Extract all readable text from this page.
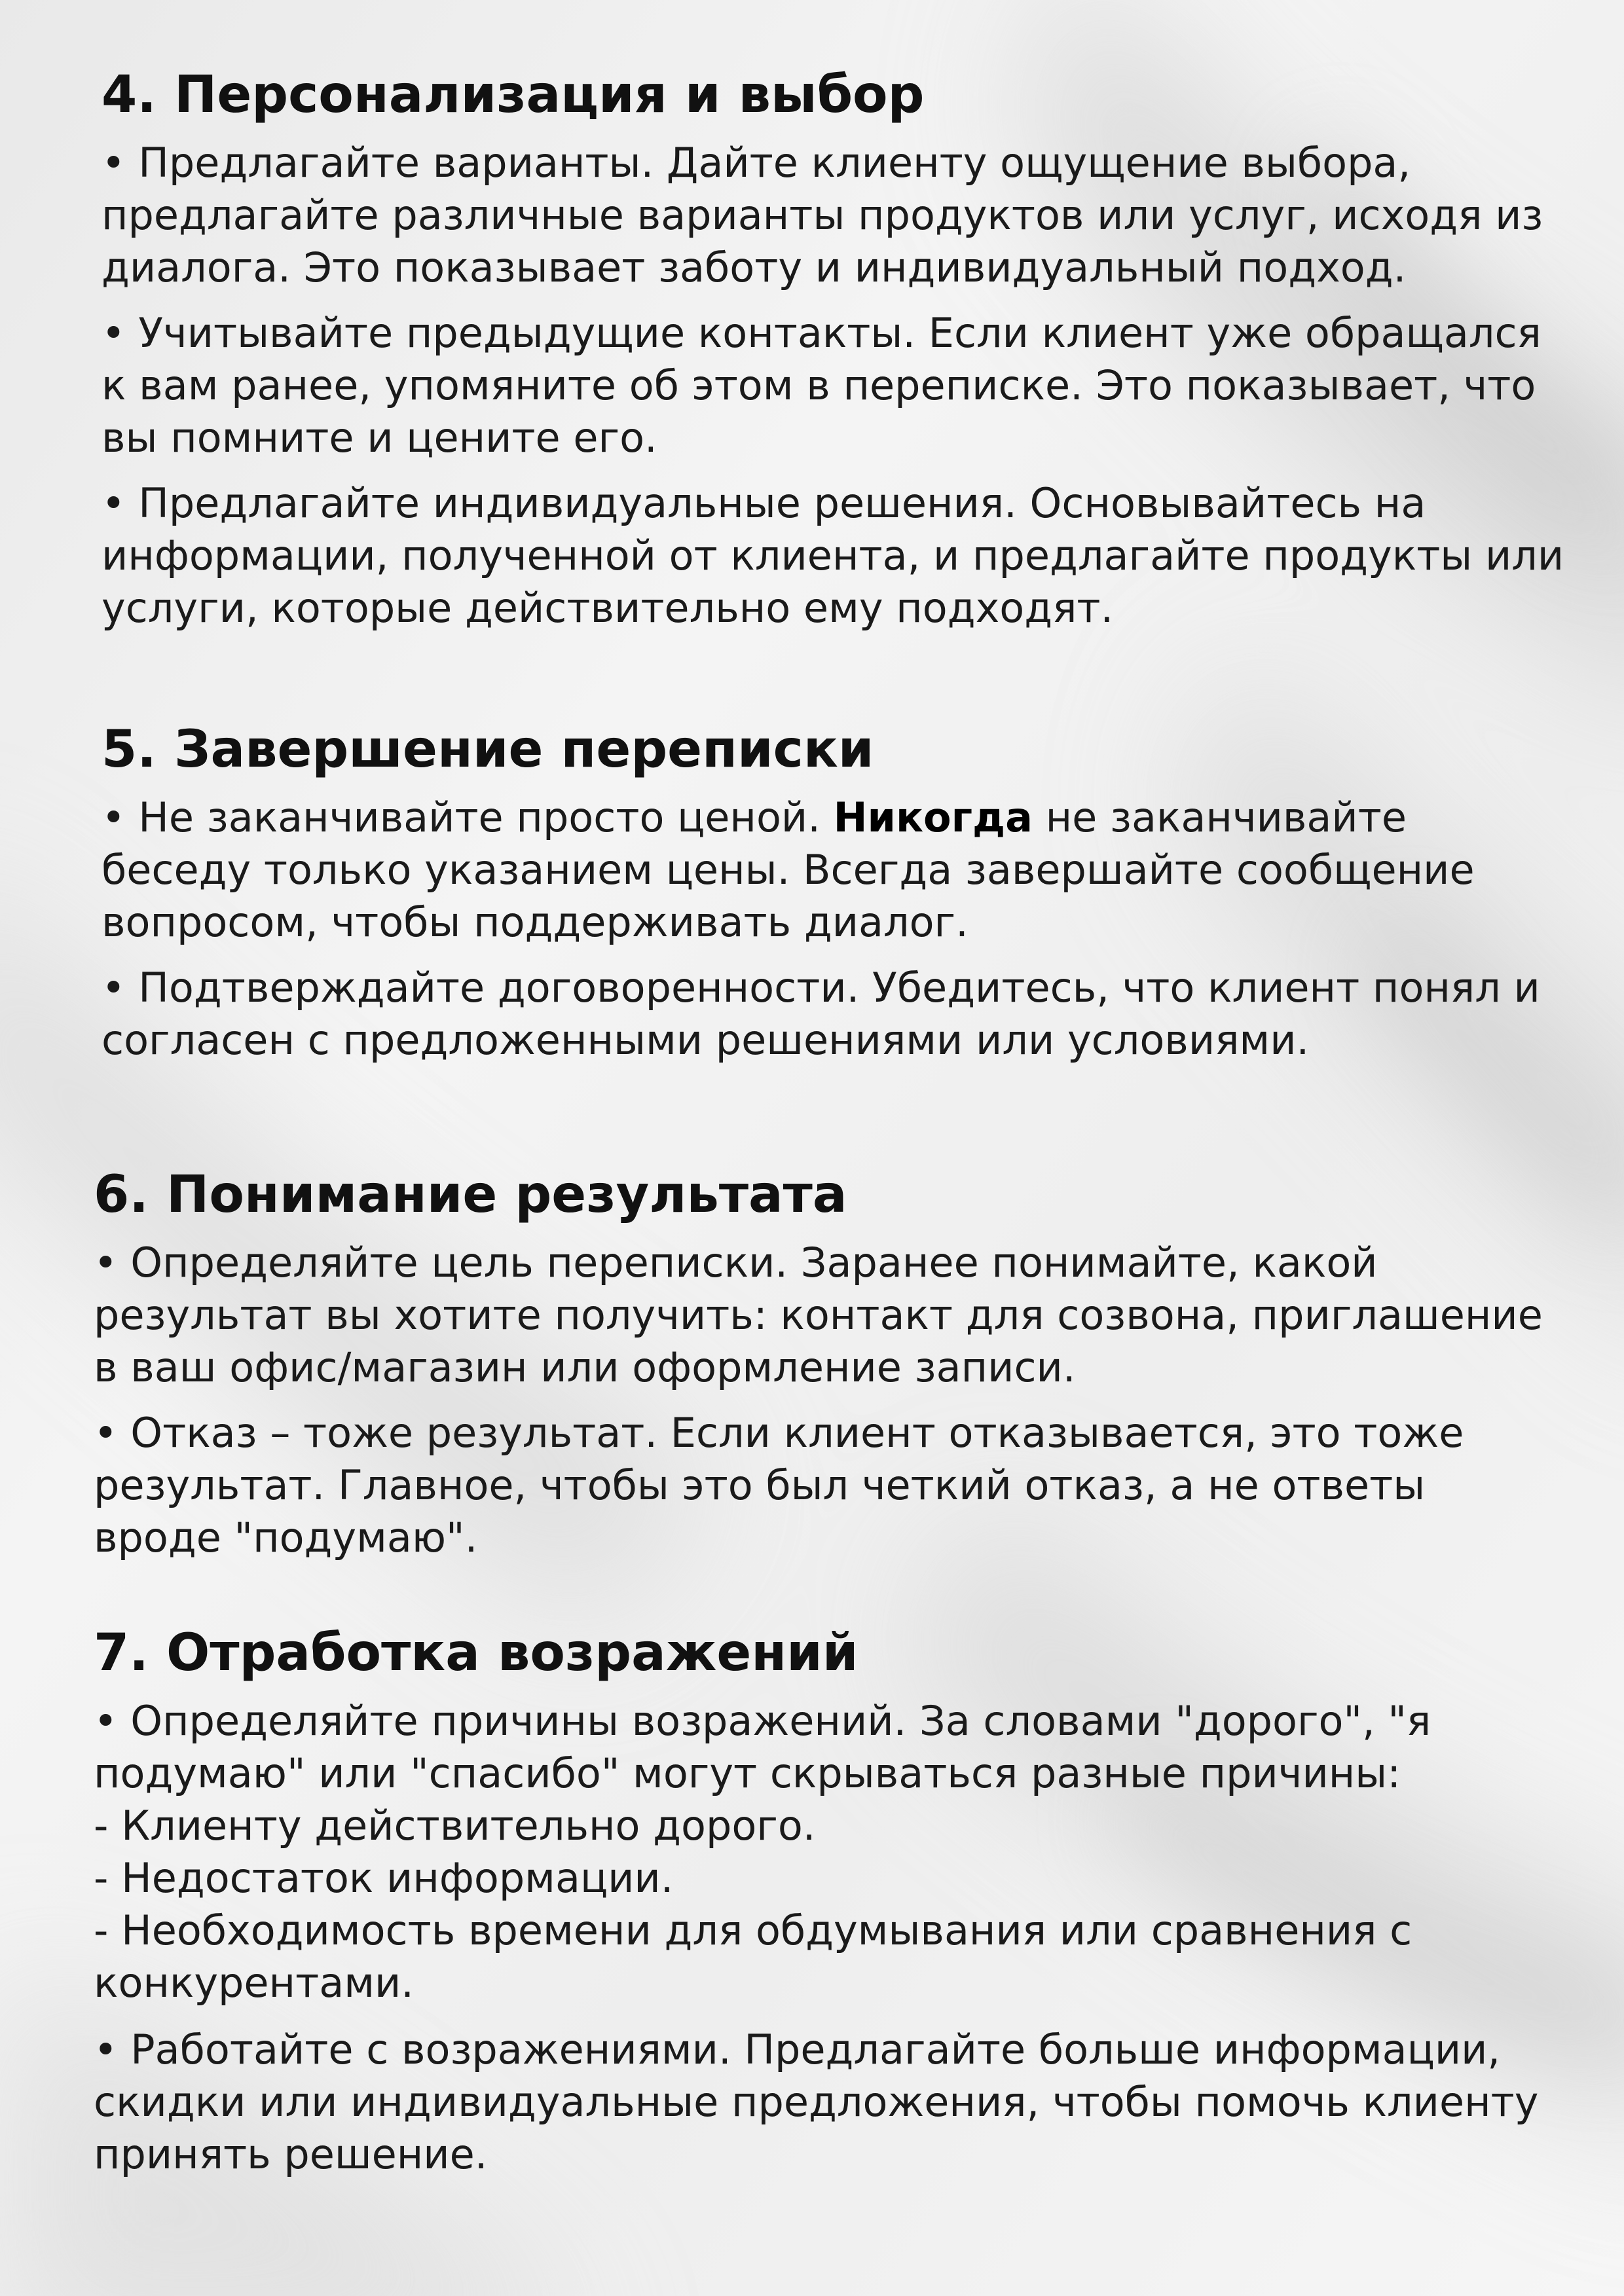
4. Персонализация и выбор

• Предлагайте варианты. Дайте клиенту ощущение выбора, предлагайте различные варианты продуктов или услуг, исходя из диалога. Это показывает заботу и индивидуальный подход.

• Учитывайте предыдущие контакты. Если клиент уже обращался к вам ранее, упомяните об этом в переписке. Это показывает, что вы помните и цените его.

• Предлагайте индивидуальные решения. Основывайтесь на информации, полученной от клиента, и предлагайте продукты или услуги, которые действительно ему подходят.

5. Завершение переписки

• Не заканчивайте просто ценой. Никогда не заканчивайте беседу только указанием цены. Всегда завершайте сообщение вопросом, чтобы поддерживать диалог.

• Подтверждайте договоренности. Убедитесь, что клиент понял и согласен с предложенными решениями или условиями.

6. Понимание результата

• Определяйте цель переписки. Заранее понимайте, какой результат вы хотите получить: контакт для созвона, приглашение в ваш офис/магазин или оформление записи.

• Отказ – тоже результат. Если клиент отказывается, это тоже результат. Главное, чтобы это был четкий отказ, а не ответы вроде "подумаю".

7. Отработка возражений

• Определяйте причины возражений. За словами "дорого", "я подумаю" или "спасибо" могут скрываться разные причины:

- Клиенту действительно дорого.

- Недостаток информации.

- Необходимость времени для обдумывания или сравнения с конкурентами.

• Работайте с возражениями. Предлагайте больше информации, скидки или индивидуальные предложения, чтобы помочь клиенту принять решение.
